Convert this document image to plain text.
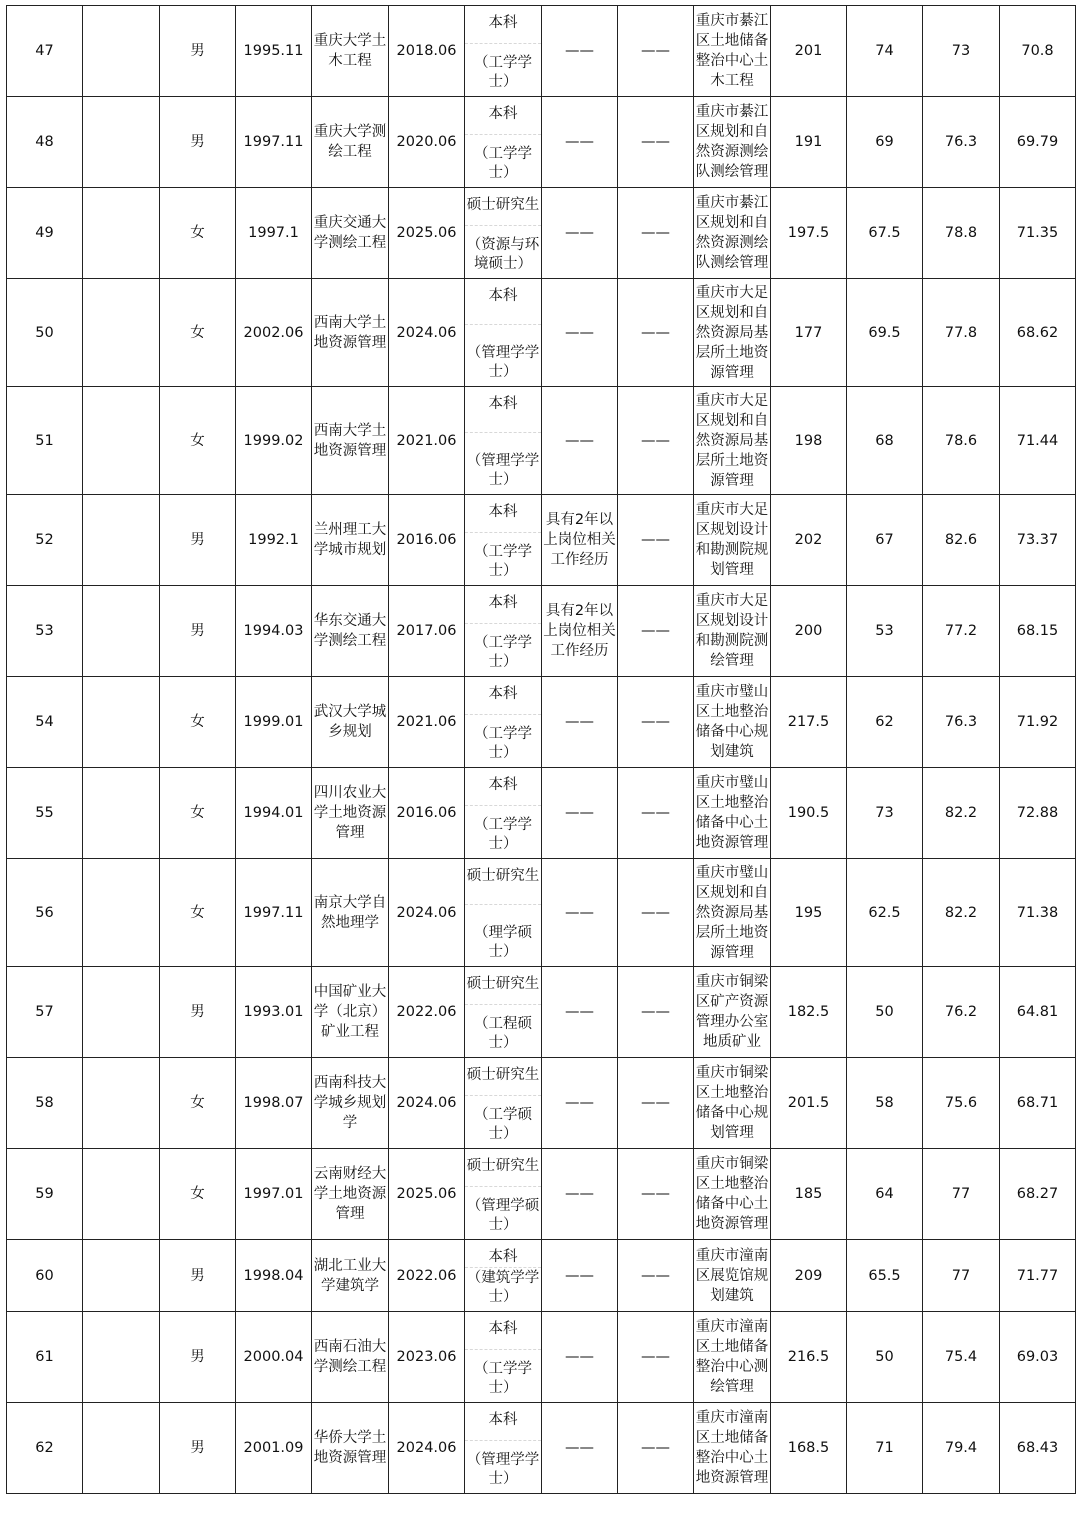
47		男	1995.11	重庆大学土木工程	2018.06	本科
（工学学士）	——	——	重庆市綦江区土地储备整治中心土木工程	201	74	73	70.8
48		男	1997.11	重庆大学测绘工程	2020.06	本科
（工学学士）	——	——	重庆市綦江区规划和自然资源测绘队测绘管理	191	69	76.3	69.79
49		女	1997.1	重庆交通大学测绘工程	2025.06	硕士研究生
（资源与环境硕士）	——	——	重庆市綦江区规划和自然资源测绘队测绘管理	197.5	67.5	78.8	71.35
50		女	2002.06	西南大学土地资源管理	2024.06	本科
（管理学学士）	——	——	重庆市大足区规划和自然资源局基层所土地资源管理	177	69.5	77.8	68.62
51		女	1999.02	西南大学土地资源管理	2021.06	本科
（管理学学士）	——	——	重庆市大足区规划和自然资源局基层所土地资源管理	198	68	78.6	71.44
52		男	1992.1	兰州理工大学城市规划	2016.06	本科
（工学学士）	具有2年以上岗位相关工作经历	——	重庆市大足区规划设计和勘测院规划管理	202	67	82.6	73.37
53		男	1994.03	华东交通大学测绘工程	2017.06	本科
（工学学士）	具有2年以上岗位相关工作经历	——	重庆市大足区规划设计和勘测院测绘管理	200	53	77.2	68.15
54		女	1999.01	武汉大学城乡规划	2021.06	本科
（工学学士）	——	——	重庆市璧山区土地整治储备中心规划建筑	217.5	62	76.3	71.92
55		女	1994.01	四川农业大学土地资源管理	2016.06	本科
（工学学士）	——	——	重庆市璧山区土地整治储备中心土地资源管理	190.5	73	82.2	72.88
56		女	1997.11	南京大学自然地理学	2024.06	硕士研究生
（理学硕士）	——	——	重庆市璧山区规划和自然资源局基层所土地资源管理	195	62.5	82.2	71.38
57		男	1993.01	中国矿业大学（北京）矿业工程	2022.06	硕士研究生
（工程硕士）	——	——	重庆市铜梁区矿产资源管理办公室地质矿业	182.5	50	76.2	64.81
58		女	1998.07	西南科技大学城乡规划学	2024.06	硕士研究生
（工学硕士）	——	——	重庆市铜梁区土地整治储备中心规划管理	201.5	58	75.6	68.71
59		女	1997.01	云南财经大学土地资源管理	2025.06	硕士研究生
（管理学硕士）	——	——	重庆市铜梁区土地整治储备中心土地资源管理	185	64	77	68.27
60		男	1998.04	湖北工业大学建筑学	2022.06	本科
（建筑学学士）	——	——	重庆市潼南区展览馆规划建筑	209	65.5	77	71.77
61		男	2000.04	西南石油大学测绘工程	2023.06	本科
（工学学士）	——	——	重庆市潼南区土地储备整治中心测绘管理	216.5	50	75.4	69.03
62		男	2001.09	华侨大学土地资源管理	2024.06	本科
（管理学学士）	——	——	重庆市潼南区土地储备整治中心土地资源管理	168.5	71	79.4	68.43
